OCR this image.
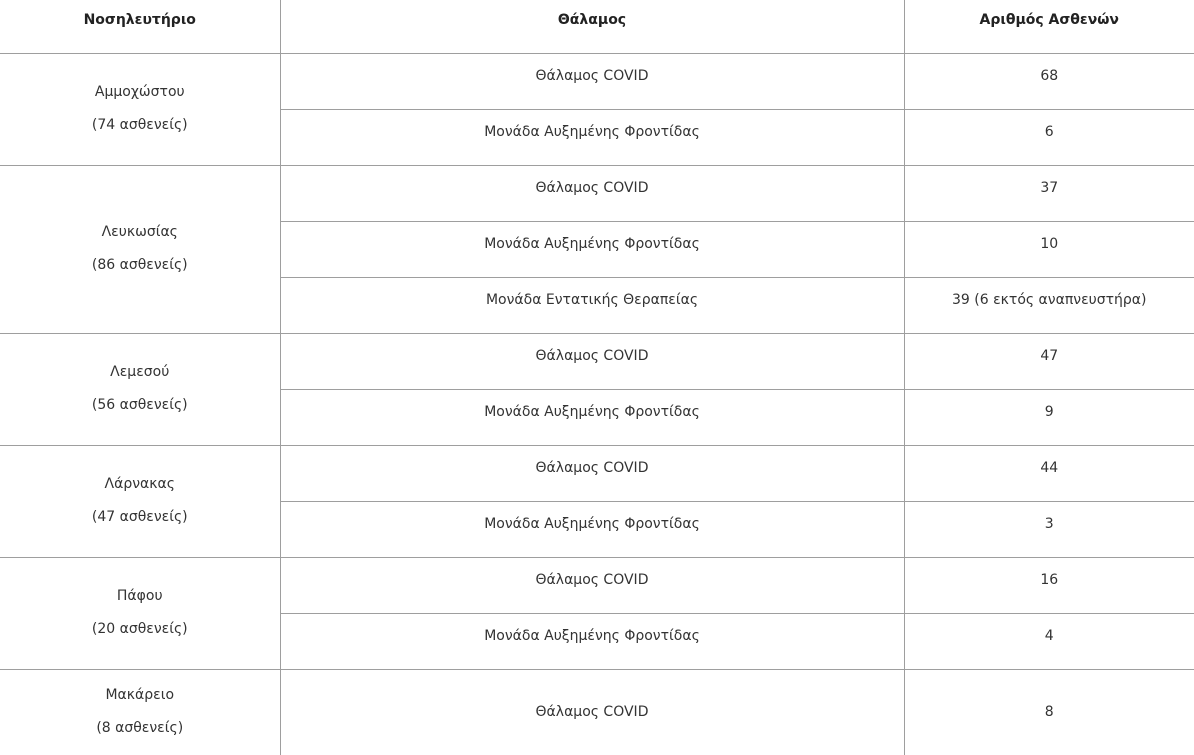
Νοσηλευτήριο	Θάλαμος	Αριθμός Ασθενών

Αμμοχώστου
(74 ασθενείς)	Θάλαμος COVID	68
	Μονάδα Αυξημένης Φροντίδας	6

Λευκωσίας
(86 ασθενείς)	Θάλαμος COVID	37
	Μονάδα Αυξημένης Φροντίδας	10
	Μονάδα Εντατικής Θεραπείας	39 (6 εκτός αναπνευστήρα)

Λεμεσού
(56 ασθενείς)	Θάλαμος COVID	47
	Μονάδα Αυξημένης Φροντίδας	9

Λάρνακας
(47 ασθενείς)	Θάλαμος COVID	44
	Μονάδα Αυξημένης Φροντίδας	3

Πάφου
(20 ασθενείς)	Θάλαμος COVID	16
	Μονάδα Αυξημένης Φροντίδας	4

Μακάρειο
(8 ασθενείς)	Θάλαμος COVID	8
